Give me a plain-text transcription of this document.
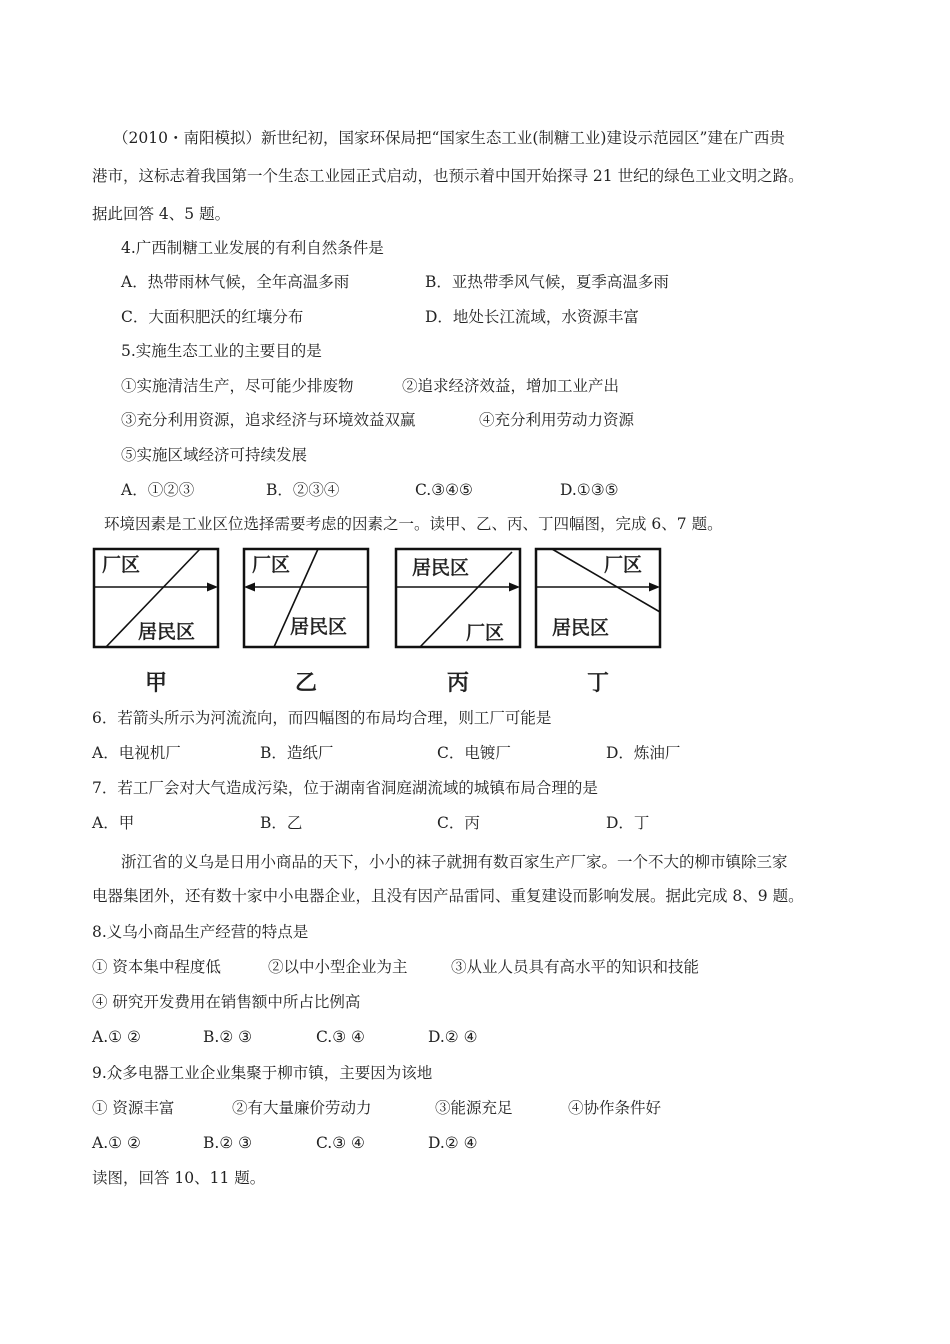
（2010・南阳模拟）新世纪初，国家环保局把“国家生态工业(制糖工业)建设示范园区”建在广西贵
港市，这标志着我国第一个生态工业园正式启动，也预示着中国开始探寻 21 世纪的绿色工业文明之路。
据此回答 4、5 题。
4.广西制糖工业发展的有利自然条件是
A．热带雨林气候，全年高温多雨	B．亚热带季风气候，夏季高温多雨
C．大面积肥沃的红壤分布	D．地处长江流域，水资源丰富
5.实施生态工业的主要目的是
①实施清洁生产，尽可能少排废物	②追求经济效益，增加工业产出
③充分利用资源，追求经济与环境效益双赢	④充分利用劳动力资源
⑤实施区域经济可持续发展
A．①②③	B．②③④	C.③④⑤	D.①③⑤
环境因素是工业区位选择需要考虑的因素之一。读甲、乙、丙、丁四幅图，完成 6、7 题。
厂区
居民区
甲
厂区
居民区
乙
居民区
厂区
丙
厂区
居民区
丁
6．若箭头所示为河流流向，而四幅图的布局均合理，则工厂可能是
A．电视机厂	B．造纸厂	C．电镀厂	D．炼油厂
7．若工厂会对大气造成污染，位于湖南省洞庭湖流域的城镇布局合理的是
A．甲	B．乙	C．丙	D．丁
浙江省的义乌是日用小商品的天下，小小的袜子就拥有数百家生产厂家。一个不大的柳市镇除三家
电器集团外，还有数十家中小电器企业，且没有因产品雷同、重复建设而影响发展。据此完成 8、9 题。
8.义乌小商品生产经营的特点是
① 资本集中程度低	②以中小型企业为主	③从业人员具有高水平的知识和技能
④ 研究开发费用在销售额中所占比例高
A.① ②	B.② ③	C.③ ④	D.② ④
9.众多电器工业企业集聚于柳市镇，主要因为该地
① 资源丰富	②有大量廉价劳动力	③能源充足	④协作条件好
A.① ②	B.② ③	C.③ ④	D.② ④
读图，回答 10、11 题。
